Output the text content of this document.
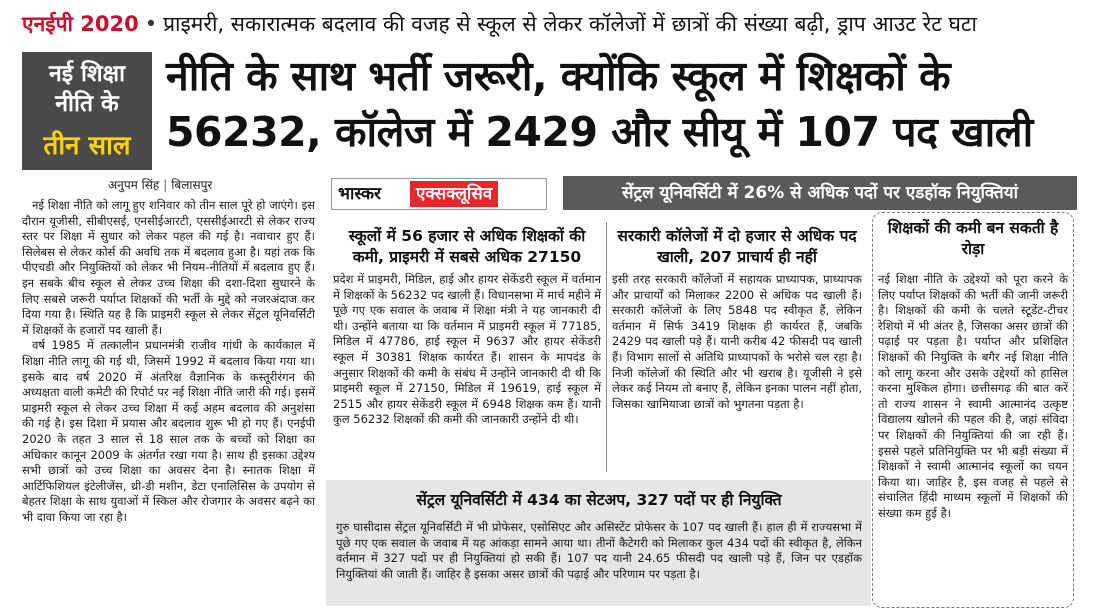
एनईपी 2020 • प्राइमरी, सकारात्मक बदलाव की वजह से स्कूल से लेकर कॉलेजों में छात्रों की संख्या बढ़ी, ड्राप आउट रेट घटा
नई शिक्षा
नीति के
तीन साल
नीति के साथ भर्ती जरूरी, क्योंकि स्कूल में शिक्षकों के 56232, कॉलेज में 2429 और सीयू में 107 पद खाली
अनुपम सिंह | बिलासपुर

नई शिक्षा नीति को लागू हुए शनिवार को तीन साल पूरे हो जाएंगे। इस दौरान यूजीसी, सीबीएसई, एनसीईआरटी, एससीईआरटी से लेकर राज्य स्तर पर शिक्षा में सुधार को लेकर पहल की गई है। नवाचार हुए हैं। सिलेबस से लेकर कोर्स की अवधि तक में बदलाव हुआ है। यहां तक कि पीएचडी और नियुक्तियों को लेकर भी नियम-नीतियों में बदलाव हुए हैं। इन सबके बीच स्कूल से लेकर उच्च शिक्षा की दशा-दिशा सुधारने के लिए सबसे जरूरी पर्याप्त शिक्षकों की भर्ती के मुद्दे को नजरअंदाज कर दिया गया है। स्थिति यह है कि प्राइमरी स्कूल से लेकर सेंट्रल यूनिवर्सिटी में शिक्षकों के हजारों पद खाली हैं।

वर्ष 1985 में तत्कालीन प्रधानमंत्री राजीव गांधी के कार्यकाल में शिक्षा नीति लागू की गई थी, जिसमें 1992 में बदलाव किया गया था। इसके बाद वर्ष 2020 में अंतरिक्ष वैज्ञानिक के कस्तूरीरंगन की अध्यक्षता वाली कमेटी की रिपोर्ट पर नई शिक्षा नीति जारी की गई। इसमें प्राइमरी स्कूल से लेकर उच्च शिक्षा में कई अहम बदलाव की अनुशंसा की गई है। इस दिशा में प्रयास और बदलाव शुरू भी हो गए हैं। एनईपी 2020 के तहत 3 साल से 18 साल तक के बच्चों को शिक्षा का अधिकार कानून 2009 के अंतर्गत रखा गया है। साथ ही इसका उद्देश्य सभी छात्रों को उच्च शिक्षा का अवसर देना है। स्नातक शिक्षा में आर्टिफिशियल इंटेलीजेंस, थ्री-डी मशीन, डेटा एनालिसिस के उपयोग से बेहतर शिक्षा के साथ युवाओं में स्किल और रोजगार के अवसर बढ़ने का भी दावा किया जा रहा है।

भास्कर	एक्सक्लूसिव	सेंट्रल यूनिवर्सिटी में 26% से अधिक पदों पर एडहॉक नियुक्तियां
स्कूलों में 56 हजार से अधिक शिक्षकों की कमी, प्राइमरी में सबसे अधिक 27150

प्रदेश में प्राइमरी, मिडिल, हाई और हायर सेकेंडरी स्कूल में वर्तमान में शिक्षकों के 56232 पद खाली हैं। विधानसभा में मार्च महीने में पूछे गए एक सवाल के जवाब में शिक्षा मंत्री ने यह जानकारी दी थी। उन्होंने बताया था कि वर्तमान में प्राइमरी स्कूल में 77185, मिडिल में 47786, हाई स्कूल में 9637 और हायर सेकेंडरी स्कूल में 30381 शिक्षक कार्यरत हैं। शासन के मापदंड के अनुसार शिक्षकों की कमी के संबंध में उन्होंने जानकारी दी थी कि प्राइमरी स्कूल में 27150, मिडिल में 19619, हाई स्कूल में 2515 और हायर सेकेंडरी स्कूल में 6948 शिक्षक कम हैं। यानी कुल 56232 शिक्षकों की कमी की जानकारी उन्होंने दी थी।

सरकारी कॉलेजों में दो हजार से अधिक पद खाली, 207 प्राचार्य ही नहीं

इसी तरह सरकारी कॉलेजों में सहायक प्राध्यापक, प्राध्यापक और प्राचार्यों को मिलाकर 2200 से अधिक पद खाली हैं। सरकारी कॉलेजों के लिए 5848 पद स्वीकृत हैं, लेकिन वर्तमान में सिर्फ 3419 शिक्षक ही कार्यरत हैं, जबकि 2429 पद खाली पड़े हैं। यानी करीब 42 फीसदी पद खाली हैं। विभाग सालों से अतिथि प्राध्यापकों के भरोसे चल रहा है। निजी कॉलेजों की स्थिति और भी खराब है। यूजीसी ने इसे लेकर कई नियम तो बनाए हैं, लेकिन इनका पालन नहीं होता, जिसका खामियाजा छात्रों को भुगतना पड़ता है।

शिक्षकों की कमी बन सकती है रोड़ा

नई शिक्षा नीति के उद्देश्यों को पूरा करने के लिए पर्याप्त शिक्षकों की भर्ती की जानी जरूरी है। शिक्षकों की कमी के चलते स्टूडेंट-टीचर रेशियो में भी अंतर है, जिसका असर छात्रों की पढ़ाई पर पड़ता है। पर्याप्त और प्रशिक्षित शिक्षकों की नियुक्ति के बगैर नई शिक्षा नीति को लागू करना और उसके उद्देश्यों को हासिल करना मुश्किल होगा। छत्तीसगढ़ की बात करें तो राज्य शासन ने स्वामी आत्मानंद उत्कृष्ट विद्यालय खोलने की पहल की है, जहां संविदा पर शिक्षकों की नियुक्तियां की जा रही हैं। इससे पहले प्रतिनियुक्ति पर भी बड़ी संख्या में शिक्षकों ने स्वामी आत्मानंद स्कूलों का चयन किया था। जाहिर है, इस वजह से पहले से संचालित हिंदी माध्यम स्कूलों में शिक्षकों की संख्या कम हुई है।

सेंट्रल यूनिवर्सिटी में 434 का सेटअप, 327 पदों पर ही नियुक्ति

गुरु घासीदास सेंट्रल यूनिवर्सिटी में भी प्रोफेसर, एसोसिएट और असिस्टेंट प्रोफेसर के 107 पद खाली हैं। हाल ही में राज्यसभा में पूछे गए एक सवाल के जवाब में यह आंकड़ा सामने आया था। तीनों कैटेगरी को मिलाकर कुल 434 पदों की स्वीकृत है, लेकिन वर्तमान में 327 पदों पर ही नियुक्तियां हो सकी हैं। 107 पद यानी 24.65 फीसदी पद खाली पड़े हैं, जिन पर एडहॉक नियुक्तियां की जाती हैं। जाहिर है इसका असर छात्रों की पढ़ाई और परिणाम पर पड़ता है।
